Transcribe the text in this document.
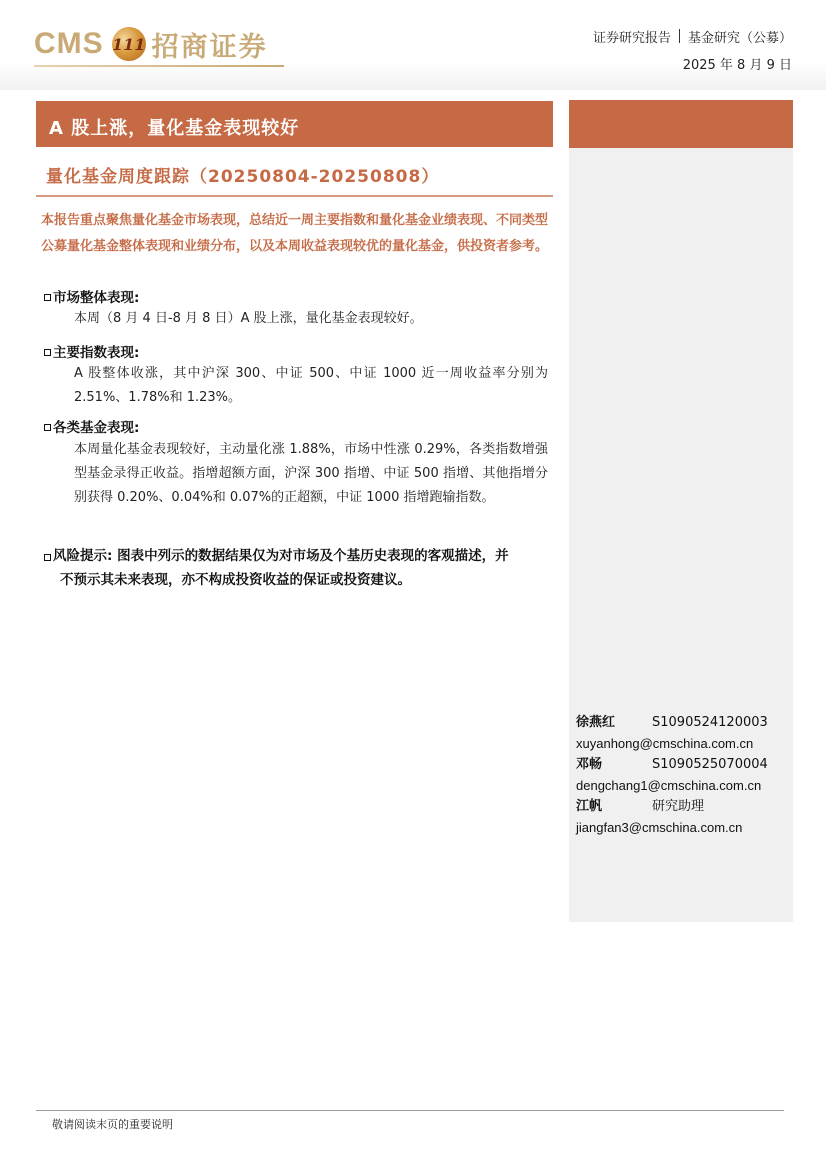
CMS 111 招商证券	证券研究报告 基金研究（公募）
2025 年 8 月 9 日
A 股上涨，量化基金表现较好
量化基金周度跟踪（20250804-20250808）
本报告重点聚焦量化基金市场表现，总结近一周主要指数和量化基金业绩表现、不同类型公募量化基金整体表现和业绩分布，以及本周收益表现较优的量化基金，供投资者参考。
市场整体表现:
本周（8 月 4 日-8 月 8 日）A 股上涨，量化基金表现较好。
主要指数表现:
A 股整体收涨，其中沪深 300、中证 500、中证 1000 近一周收益率分别为 2.51%、1.78%和 1.23%。
各类基金表现:
本周量化基金表现较好，主动量化涨 1.88%，市场中性涨 0.29%，各类指数增强型基金录得正收益。指增超额方面，沪深 300 指增、中证 500 指增、其他指增分别获得 0.20%、0.04%和 0.07%的正超额，中证 1000 指增跑输指数。
风险提示: 图表中列示的数据结果仅为对市场及个基历史表现的客观描述，并
不预示其未来表现，亦不构成投资收益的保证或投资建议。
徐燕红	S1090524120003
xuyanhong@cmschina.com.cn
邓畅	S1090525070004
dengchang1@cmschina.com.cn
江帆	研究助理
jiangfan3@cmschina.com.cn
敬请阅读末页的重要说明
